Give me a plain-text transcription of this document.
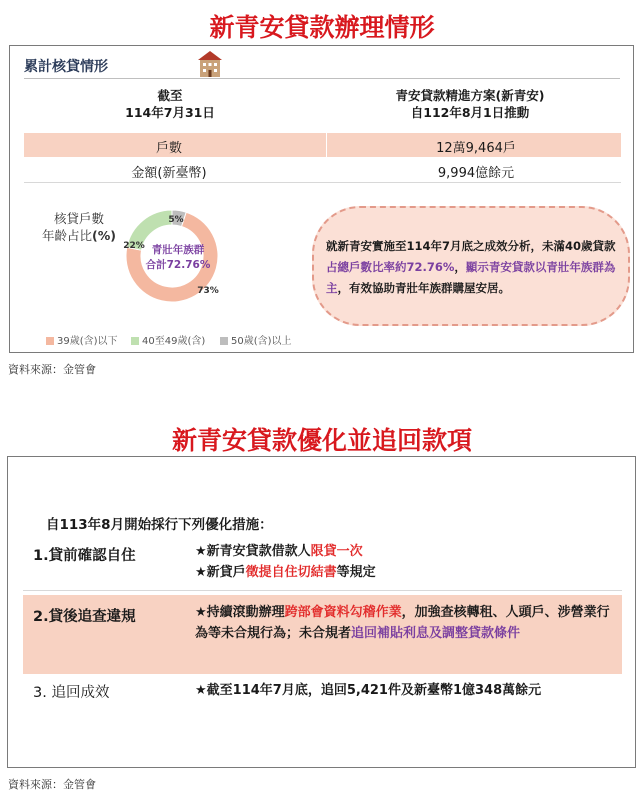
新青安貸款辦理情形
累計核貸情形
截至
114年7月31日
青安貸款精進方案(新青安)
自112年8月1日推動
戶數	12萬9,464戶
金額(新臺幣)	9,994億餘元
核貸戶數
年齡占比(%)
73%
22%
5%
青壯年族群
合計72.76%
就新青安實施至114年7月底之成效分析，未滿40歲貸款占總戶數比率約72.76%，顯示青安貸款以青壯年族群為主，有效協助青壯年族群購屋安居。
39歲(含)以下	40至49歲(含)	50歲(含)以上
資料來源：金管會
新青安貸款優化並追回款項
自113年8月開始採行下列優化措施：
1.貸前確認自住	★新青安貸款借款人限貸一次
★新貸戶徵提自住切結書等規定
2.貸後追查違規	★持續滾動辦理跨部會資料勾稽作業，加強查核轉租、人頭戶、涉營業行為等未合規行為；未合規者追回補貼利息及調整貸款條件
3. 追回成效	★截至114年7月底，追回5,421件及新臺幣1億348萬餘元
資料來源：金管會
